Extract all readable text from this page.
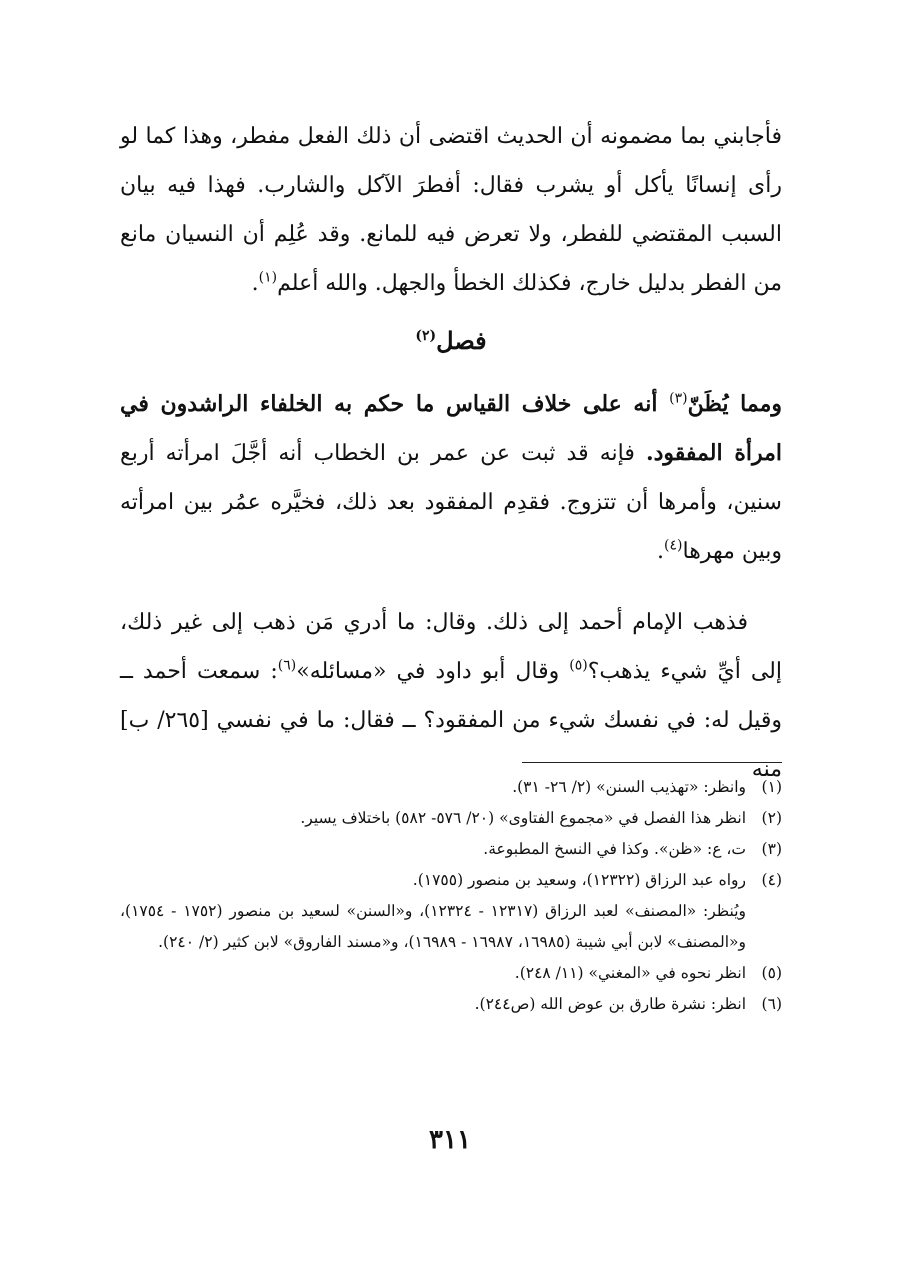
فأجابني بما مضمونه أن الحديث اقتضى أن ذلك الفعل مفطر، وهذا كما لو رأى إنسانًا يأكل أو يشرب فقال: أفطرَ الآكل والشارب. فهذا فيه بيان السبب المقتضي للفطر، ولا تعرض فيه للمانع. وقد عُلِم أن النسيان مانع من الفطر بدليل خارج، فكذلك الخطأ والجهل. والله أعلم$^{(١)}$.

فصل$^{(٢)}$

ومما يُظَنّ$^{(٣)}$ أنه على خلاف القياس ما حكم به الخلفاء الراشدون في امرأة المفقود. فإنه قد ثبت عن عمر بن الخطاب أنه أجَّلَ امرأته أربع سنين، وأمرها أن تتزوج. فقدِم المفقود بعد ذلك، فخيَّره عمُر بين امرأته وبين مهرها$^{(٤)}$.

فذهب الإمام أحمد إلى ذلك. وقال: ما أدري مَن ذهب إلى غير ذلك، إلى أيِّ شيء يذهب؟$^{(٥)}$ وقال أبو داود في «مسائله»$^{(٦)}$: سمعت أحمد ــ وقيل له: في نفسك شيء من المفقود؟ ــ فقال: ما في نفسي [٢٦٥/ ب] منه

(١)

وانظر: «تهذيب السنن» (٢/ ٢٦- ٣١).

(٢)

انظر هذا الفصل في «مجموع الفتاوى» (٢٠/ ٥٧٦- ٥٨٢) باختلاف يسير.

(٣)

ت، ع: «ظن». وكذا في النسخ المطبوعة.

(٤)

رواه عبد الرزاق (١٢٣٢٢)، وسعيد بن منصور (١٧٥٥).

ويُنظر: «المصنف» لعبد الرزاق (١٢٣١٧ - ١٢٣٢٤)، و«السنن» لسعيد بن منصور (١٧٥٢ - ١٧٥٤)، و«المصنف» لابن أبي شيبة (١٦٩٨٥، ١٦٩٨٧ - ١٦٩٨٩)، و«مسند الفاروق» لابن كثير (٢/ ٢٤٠).

(٥)

انظر نحوه في «المغني» (١١/ ٢٤٨).

(٦)

انظر: نشرة طارق بن عوض الله (ص٢٤٤).

٣١١
